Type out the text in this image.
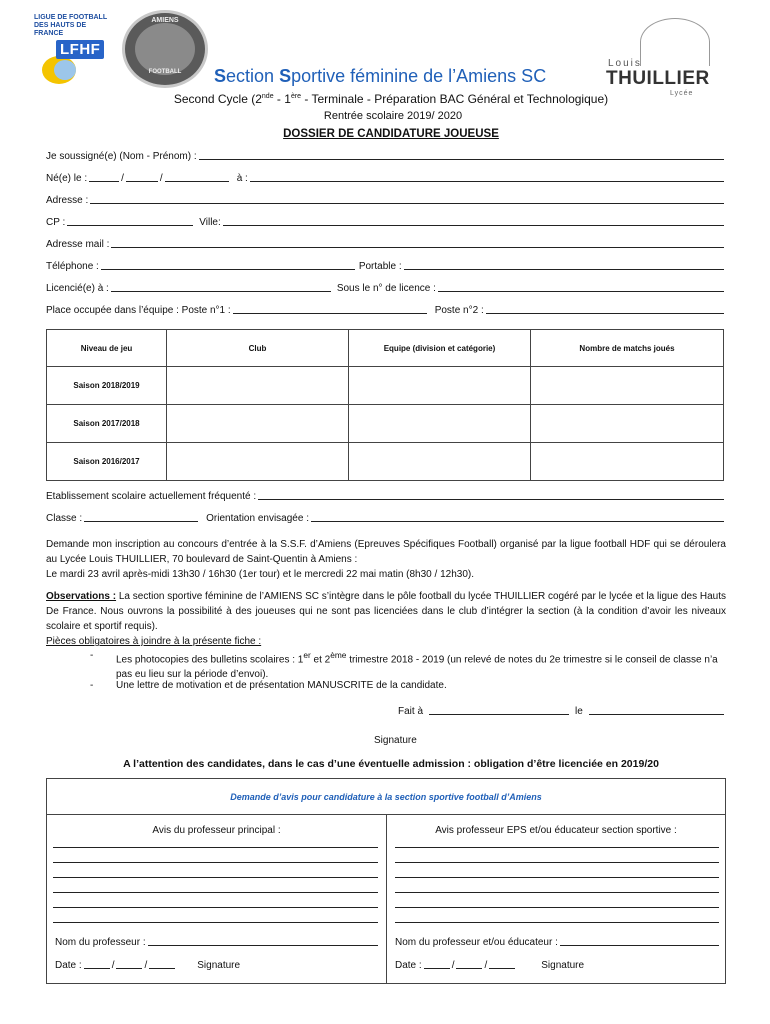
LIGUE DE FOOTBALL
DES HAUTS DE FRANCE
LFHF
AMIENS
FOOTBALL
Louis
THUILLIER
Lycée
Section Sportive féminine de l’Amiens SC
Second Cycle (2nde - 1ère - Terminale - Préparation BAC Général et Technologique)
Rentrée scolaire 2019/ 2020
DOSSIER DE CANDIDATURE JOUEUSE
Je soussigné(e) (Nom - Prénom) :
Né(e) le :	/	/	à :
Adresse :
CP :	Ville:
Adresse mail :
Téléphone :	Portable :
Licencié(e) à :	Sous le n° de licence :
Place occupée dans l’équipe : Poste n°1 :	Poste n°2 :
Niveau de jeu	Club	Equipe (division et catégorie)	Nombre de matchs joués
Saison 2018/2019			
Saison 2017/2018			
Saison 2016/2017			
Etablissement scolaire actuellement fréquenté :
Classe :	Orientation envisagée :
Demande mon inscription au concours d’entrée à la S.S.F. d’Amiens (Epreuves Spécifiques Football) organisé par la ligue football HDF qui se déroulera au Lycée Louis THUILLIER, 70 boulevard de Saint-Quentin à Amiens :
Le mardi 23 avril après-midi 13h30 / 16h30 (1er tour) et le mercredi 22 mai matin (8h30 / 12h30).
Observations : La section sportive féminine de l’AMIENS SC s’intègre dans le pôle football du lycée THUILLIER cogéré par le lycée et la ligue des Hauts De France. Nous ouvrons la possibilité à des joueuses qui ne sont pas licenciées dans le club d’intégrer la section (à la condition d’avoir les niveaux scolaire et sportif requis).
Pièces obligatoires à joindre à la présente fiche :
- Les photocopies des bulletins scolaires : 1er et 2ème trimestre 2018 - 2019 (un relevé de notes du 2e trimestre si le conseil de classe n’a pas eu lieu sur la période d’envoi).
- Une lettre de motivation et de présentation MANUSCRITE de la candidate.
Fait à	le
Signature
A l’attention des candidates, dans le cas d’une éventuelle admission : obligation d’être licenciée en 2019/20
Demande d’avis pour candidature à la section sportive football d’Amiens
Avis du professeur principal :
Nom du professeur :
Date :	/	/	Signature
Avis professeur EPS et/ou éducateur section sportive :
Nom du professeur et/ou éducateur :
Date :	/	/	Signature
